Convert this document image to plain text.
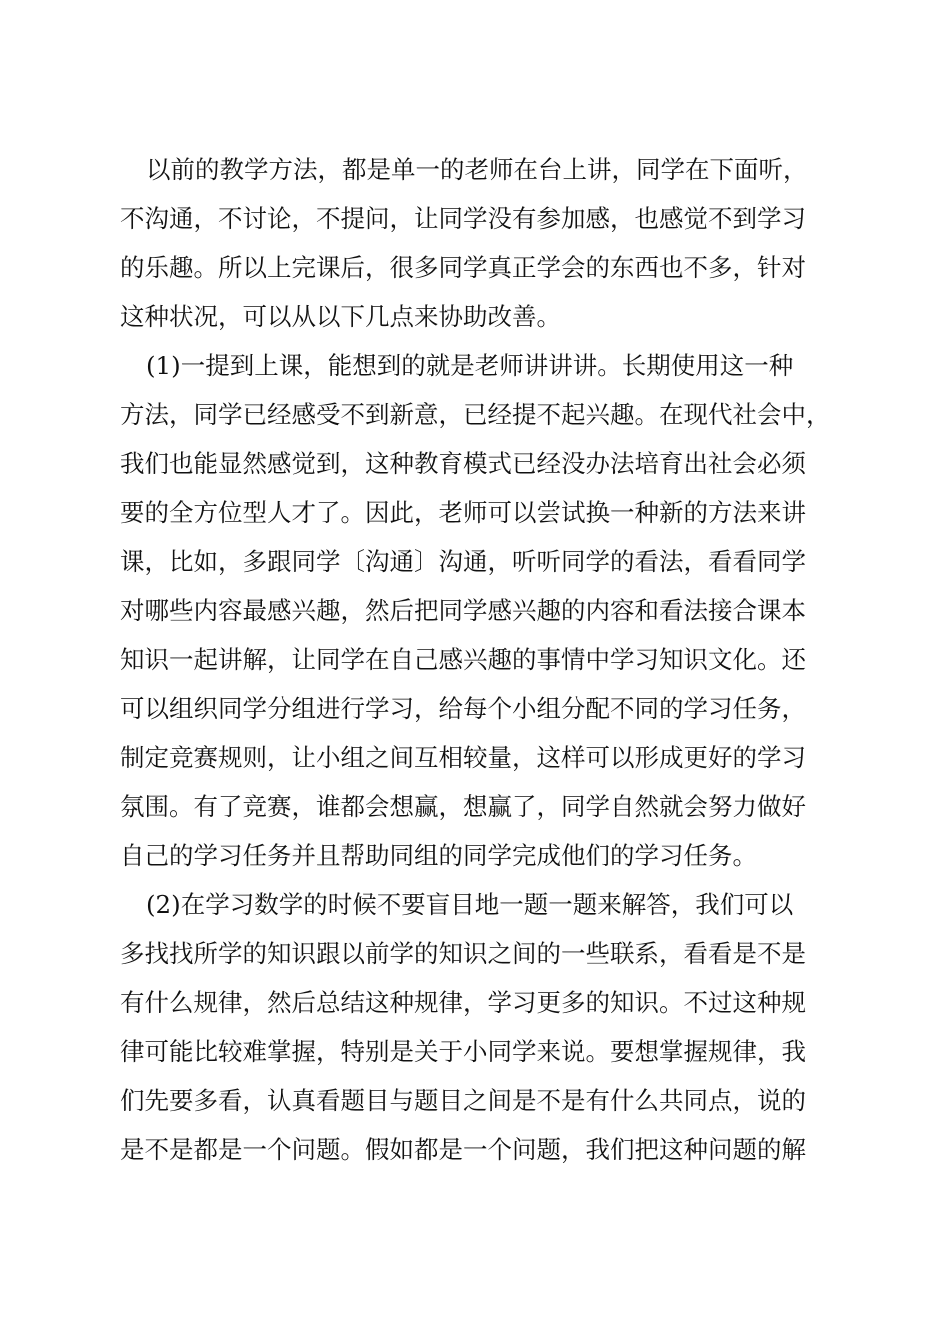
以前的教学方法，都是单一的老师在台上讲，同学在下面听，
不沟通，不讨论，不提问，让同学没有参加感，也感觉不到学习
的乐趣。所以上完课后，很多同学真正学会的东西也不多，针对
这种状况，可以从以下几点来协助改善。
(1)一提到上课，能想到的就是老师讲讲讲。长期使用这一种
方法，同学已经感受不到新意，已经提不起兴趣。在现代社会中，
我们也能显然感觉到，这种教育模式已经没办法培育出社会必须
要的全方位型人才了。因此，老师可以尝试换一种新的方法来讲
课，比如，多跟同学〔沟通〕沟通，听听同学的看法，看看同学
对哪些内容最感兴趣，然后把同学感兴趣的内容和看法接合课本
知识一起讲解，让同学在自己感兴趣的事情中学习知识文化。还
可以组织同学分组进行学习，给每个小组分配不同的学习任务，
制定竞赛规则，让小组之间互相较量，这样可以形成更好的学习
氛围。有了竞赛，谁都会想赢，想赢了，同学自然就会努力做好
自己的学习任务并且帮助同组的同学完成他们的学习任务。
(2)在学习数学的时候不要盲目地一题一题来解答，我们可以
多找找所学的知识跟以前学的知识之间的一些联系，看看是不是
有什么规律，然后总结这种规律，学习更多的知识。不过这种规
律可能比较难掌握，特别是关于小同学来说。要想掌握规律，我
们先要多看，认真看题目与题目之间是不是有什么共同点，说的
是不是都是一个问题。假如都是一个问题，我们把这种问题的解
